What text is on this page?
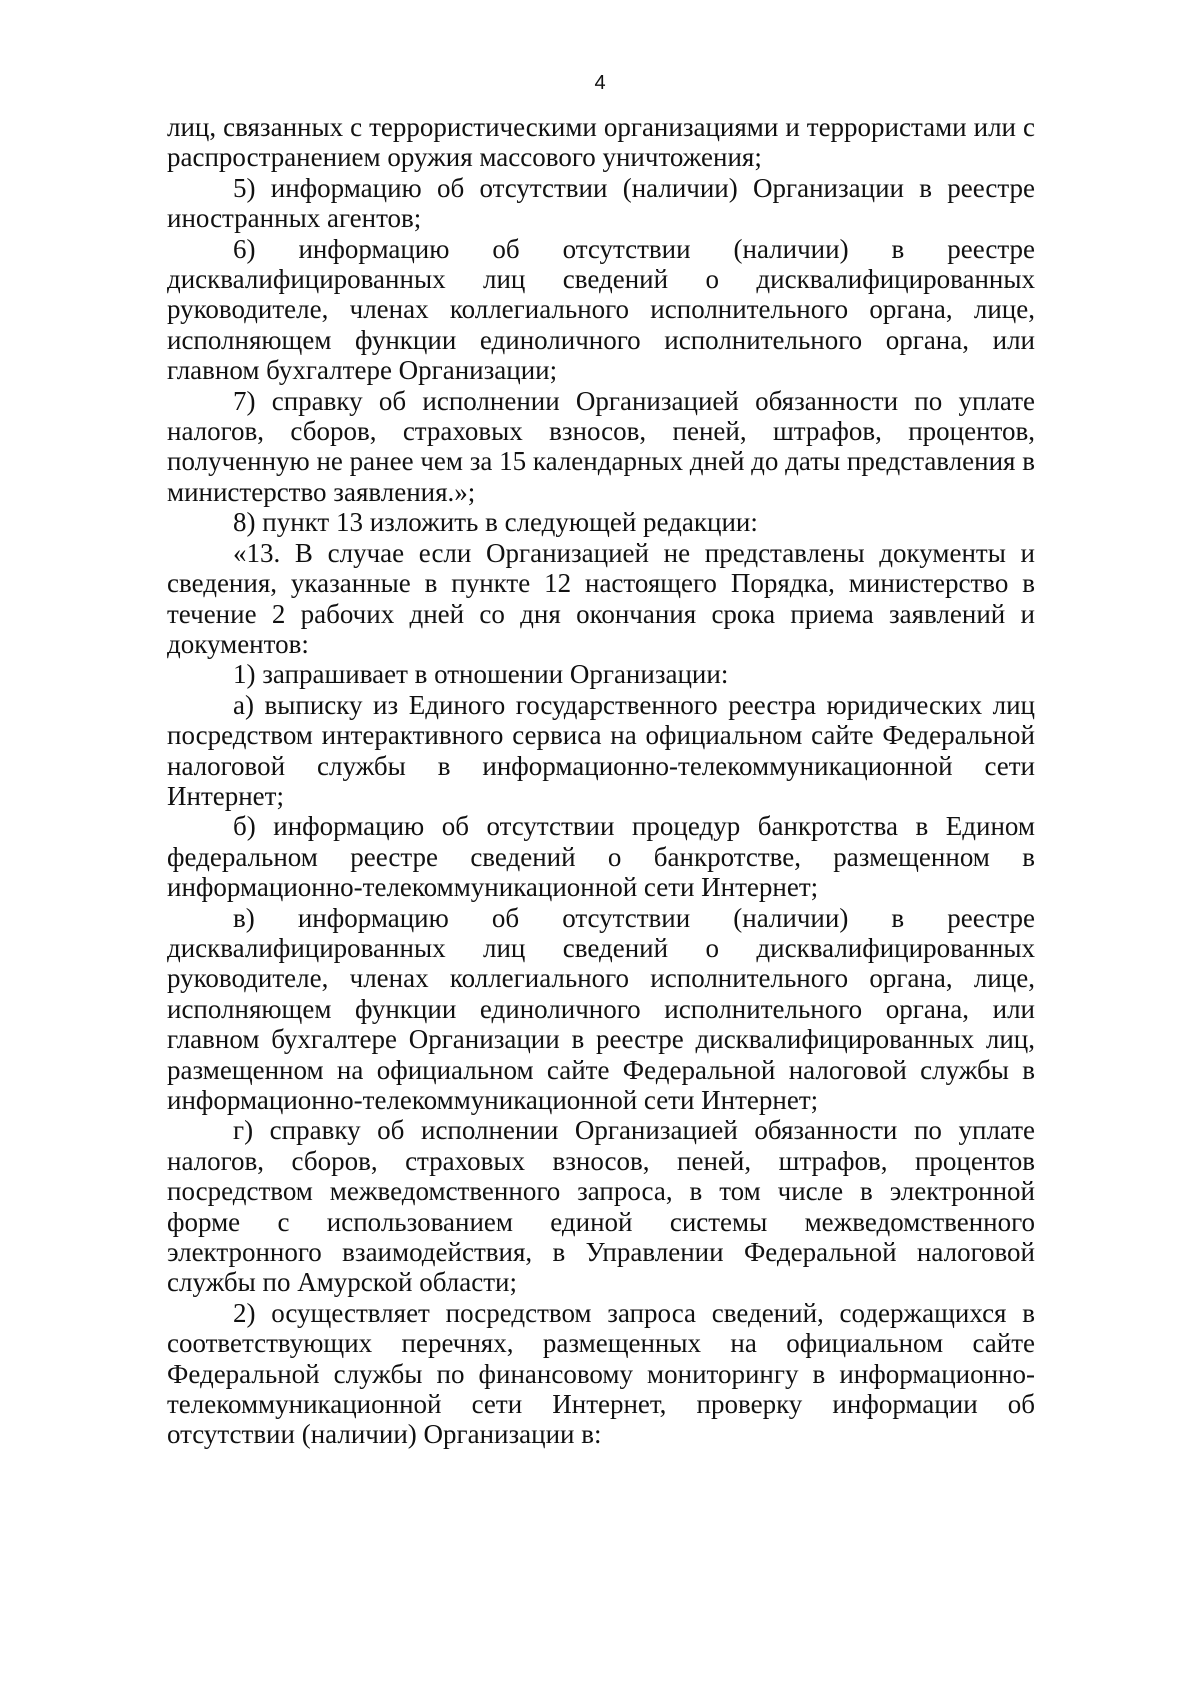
4

лиц, связанных с террористическими организациями и террористами или с распространением оружия массового уничтожения;

5) информацию об отсутствии (наличии) Организации в реестре иностранных агентов;

6) информацию об отсутствии (наличии) в реестре дисквалифицированных лиц сведений о дисквалифицированных руководителе, членах коллегиального исполнительного органа, лице, исполняющем функции единоличного исполнительного органа, или главном бухгалтере Организации;

7) справку об исполнении Организацией обязанности по уплате налогов, сборов, страховых взносов, пеней, штрафов, процентов, полученную не ранее чем за 15 календарных дней до даты представления в министерство заявления.»;

8) пункт 13 изложить в следующей редакции:

«13. В случае если Организацией не представлены документы и сведения, указанные в пункте 12 настоящего Порядка, министерство в течение 2 рабочих дней со дня окончания срока приема заявлений и документов:

1) запрашивает в отношении Организации:

а) выписку из Единого государственного реестра юридических лиц посредством интерактивного сервиса на официальном сайте Федеральной налоговой службы в информационно-телекоммуникационной сети Интернет;

б) информацию об отсутствии процедур банкротства в Едином федеральном реестре сведений о банкротстве, размещенном в информационно-телекоммуникационной сети Интернет;

в) информацию об отсутствии (наличии) в реестре дисквалифицированных лиц сведений о дисквалифицированных руководителе, членах коллегиального исполнительного органа, лице, исполняющем функции единоличного исполнительного органа, или главном бухгалтере Организации в реестре дисквалифицированных лиц, размещенном на официальном сайте Федеральной налоговой службы в информационно-телекоммуникационной сети Интернет;

г) справку об исполнении Организацией обязанности по уплате налогов, сборов, страховых взносов, пеней, штрафов, процентов посредством межведомственного запроса, в том числе в электронной форме с использованием единой системы межведомственного электронного взаимодействия, в Управлении Федеральной налоговой службы по Амурской области;

2) осуществляет посредством запроса сведений, содержащихся в соответствующих перечнях, размещенных на официальном сайте Федеральной службы по финансовому мониторингу в информационно-телекоммуникационной сети Интернет, проверку информации об отсутствии (наличии) Организации в:
